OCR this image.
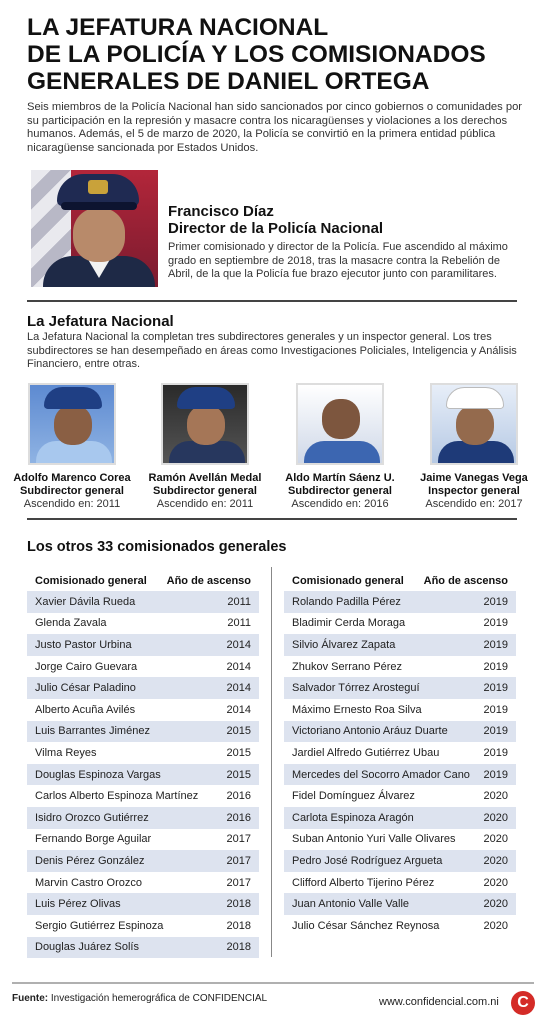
LA JEFATURA NACIONAL
DE LA POLICÍA Y LOS COMISIONADOS
GENERALES DE DANIEL ORTEGA

Seis miembros de la Policía Nacional han sido sancionados por cinco gobiernos o comunidades por su participación en la represión y masacre contra los nicaragüenses y violaciones a los derechos humanos. Además, el 5 de marzo de 2020, la Policía se convirtió en la primera entidad pública nicaragüense sancionada por Estados Unidos.

Francisco Díaz
Director de la Policía Nacional

Primer comisionado y director de la Policía. Fue ascendido al máximo grado en septiembre de 2018, tras la masacre contra la Rebelión de Abril, de la que la Policía fue brazo ejecutor junto con paramilitares.

La Jefatura Nacional

La Jefatura Nacional la completan tres subdirectores generales y un inspector general. Los tres subdirectores se han desempeñado en áreas como Investigaciones Policiales, Inteligencia y Análisis Financiero, entre otras.

Adolfo Marenco Corea
Subdirector general
Ascendido en: 2011
Ramón Avellán Medal
Subdirector general
Ascendido en: 2011
Aldo Martín Sáenz U.
Subdirector general
Ascendido en: 2016
Jaime Vanegas Vega
Inspector general
Ascendido en: 2017
Los otros 33 comisionados generales
Comisionado general Año de ascenso
Xavier Dávila Rueda	2011
Glenda Zavala	2011
Justo Pastor Urbina	2014
Jorge Cairo Guevara	2014
Julio César Paladino	2014
Alberto Acuña Avilés	2014
Luis Barrantes Jiménez	2015
Vilma Reyes	2015
Douglas Espinoza Vargas	2015
Carlos Alberto Espinoza Martínez	2016
Isidro Orozco Gutiérrez	2016
Fernando Borge Aguilar	2017
Denis Pérez González	2017
Marvin Castro Orozco	2017
Luis Pérez Olivas	2018
Sergio Gutiérrez Espinoza	2018
Douglas Juárez Solís	2018
Comisionado general Año de ascenso
Rolando Padilla Pérez	2019
Bladimir Cerda Moraga	2019
Silvio Álvarez Zapata	2019
Zhukov Serrano Pérez	2019
Salvador Tórrez Arosteguí	2019
Máximo Ernesto Roa Silva	2019
Victoriano Antonio Aráuz Duarte	2019
Jardiel Alfredo Gutiérrez Ubau	2019
Mercedes del Socorro Amador Cano 2019
Fidel Domínguez Álvarez	2020
Carlota Espinoza Aragón	2020
Suban Antonio Yuri Valle Olivares	2020
Pedro José Rodríguez Argueta	2020
Clifford Alberto Tijerino Pérez	2020
Juan Antonio Valle Valle	2020
Julio César Sánchez Reynosa	2020
Fuente: Investigación hemerográfica de CONFIDENCIAL	www.confidencial.com.ni	C
